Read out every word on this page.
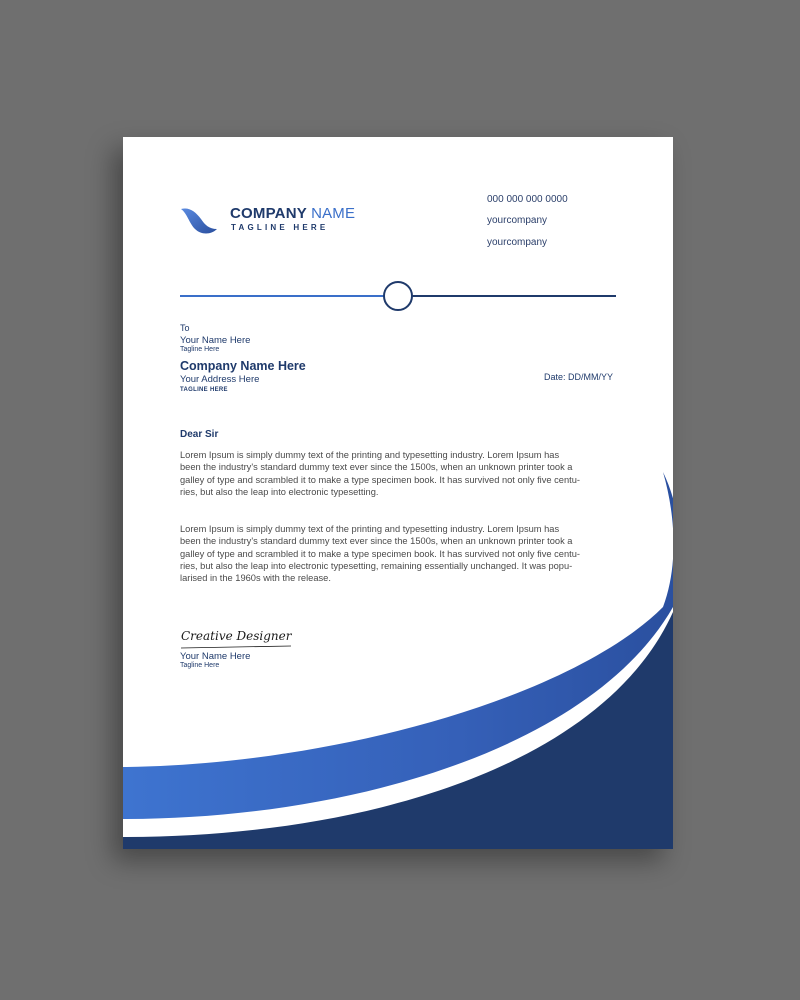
COMPANY NAME
TAGLINE HERE
000 000 000 0000
yourcompany
yourcompany
To
Your Name Here
Tagline Here
Company Name Here
Your Address Here
TAGLINE HERE
Date: DD/MM/YY
Dear Sir
Lorem Ipsum is simply dummy text of the printing and typesetting industry. Lorem Ipsum has
been the industry's standard dummy text ever since the 1500s, when an unknown printer took a
galley of type and scrambled it to make a type specimen book. It has survived not only five centu-
ries, but also the leap into electronic typesetting.
Lorem Ipsum is simply dummy text of the printing and typesetting industry. Lorem Ipsum has
been the industry's standard dummy text ever since the 1500s, when an unknown printer took a
galley of type and scrambled it to make a type specimen book. It has survived not only five centu-
ries, but also the leap into electronic typesetting, remaining essentially unchanged. It was popu-
larised in the 1960s with the release.
Creative Designer
Your Name Here
Tagline Here
